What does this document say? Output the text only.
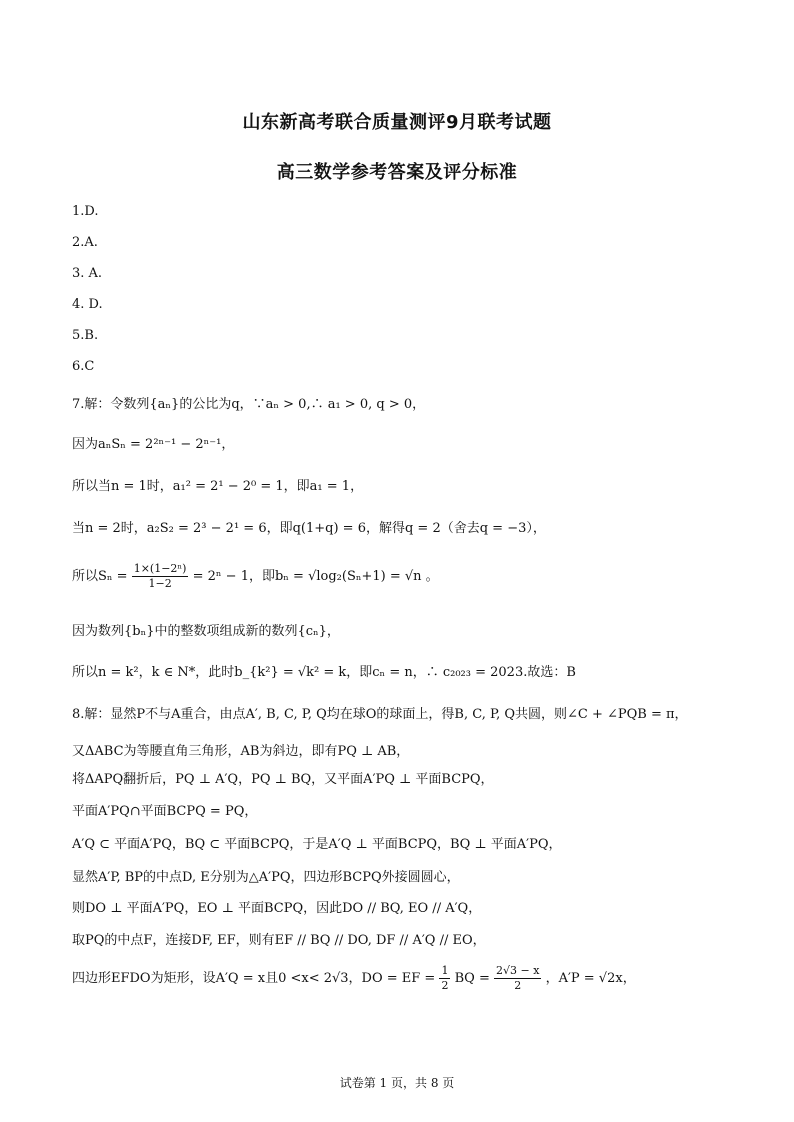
山东新高考联合质量测评9月联考试题
高三数学参考答案及评分标准
1.D.
2.A.
3. A.
4. D.
5.B.
6.C
7.解：令数列{aₙ}的公比为q，∵aₙ > 0,∴ a₁ > 0, q > 0，
因为aₙSₙ = 2²ⁿ⁻¹ − 2ⁿ⁻¹，
所以当n = 1时，a₁² = 2¹ − 2⁰ = 1，即a₁ = 1，
当n = 2时，a₂S₂ = 2³ − 2¹ = 6，即q(1+q) = 6，解得q = 2（舍去q = −3），
所以$S_n = \frac{\text{1×(1−2ⁿ)}}{1-2} = 2^n - 1$，即bₙ = √log₂(Sₙ+1) = √n 。
因为数列{bₙ}中的整数项组成新的数列{cₙ}，
所以n = k²，k ∈ N*，此时b_{k²} = √k² = k，即cₙ = n，∴ c₂₀₂₃ = 2023.故选：B
8.解：显然P不与A重合，由点A′, B, C, P, Q均在球O的球面上，得B, C, P, Q共圆，则∠C + ∠PQB = π，
又ΔABC为等腰直角三角形，AB为斜边，即有PQ ⊥ AB，
将ΔAPQ翻折后，PQ ⊥ A′Q，PQ ⊥ BQ，又平面A′PQ ⊥ 平面BCPQ，
平面A′PQ∩平面BCPQ = PQ，
A′Q ⊂ 平面A′PQ，BQ ⊂ 平面BCPQ，于是A′Q ⊥ 平面BCPQ，BQ ⊥ 平面A′PQ，
显然A′P, BP的中点D, E分别为△A′PQ，四边形BCPQ外接圆圆心，
则DO ⊥ 平面A′PQ，EO ⊥ 平面BCPQ，因此DO // BQ, EO // A′Q，
取PQ的中点F，连接DF, EF，则有EF // BQ // DO, DF // A′Q // EO，
四边形EFDO为矩形，设A′Q = x且0 <x< 2√3，DO = EF = $\frac{1}{2}$ BQ = $\frac{2√3 - x}{2}$ ，A′P = √2x，
试卷第 1 页，共 8 页
